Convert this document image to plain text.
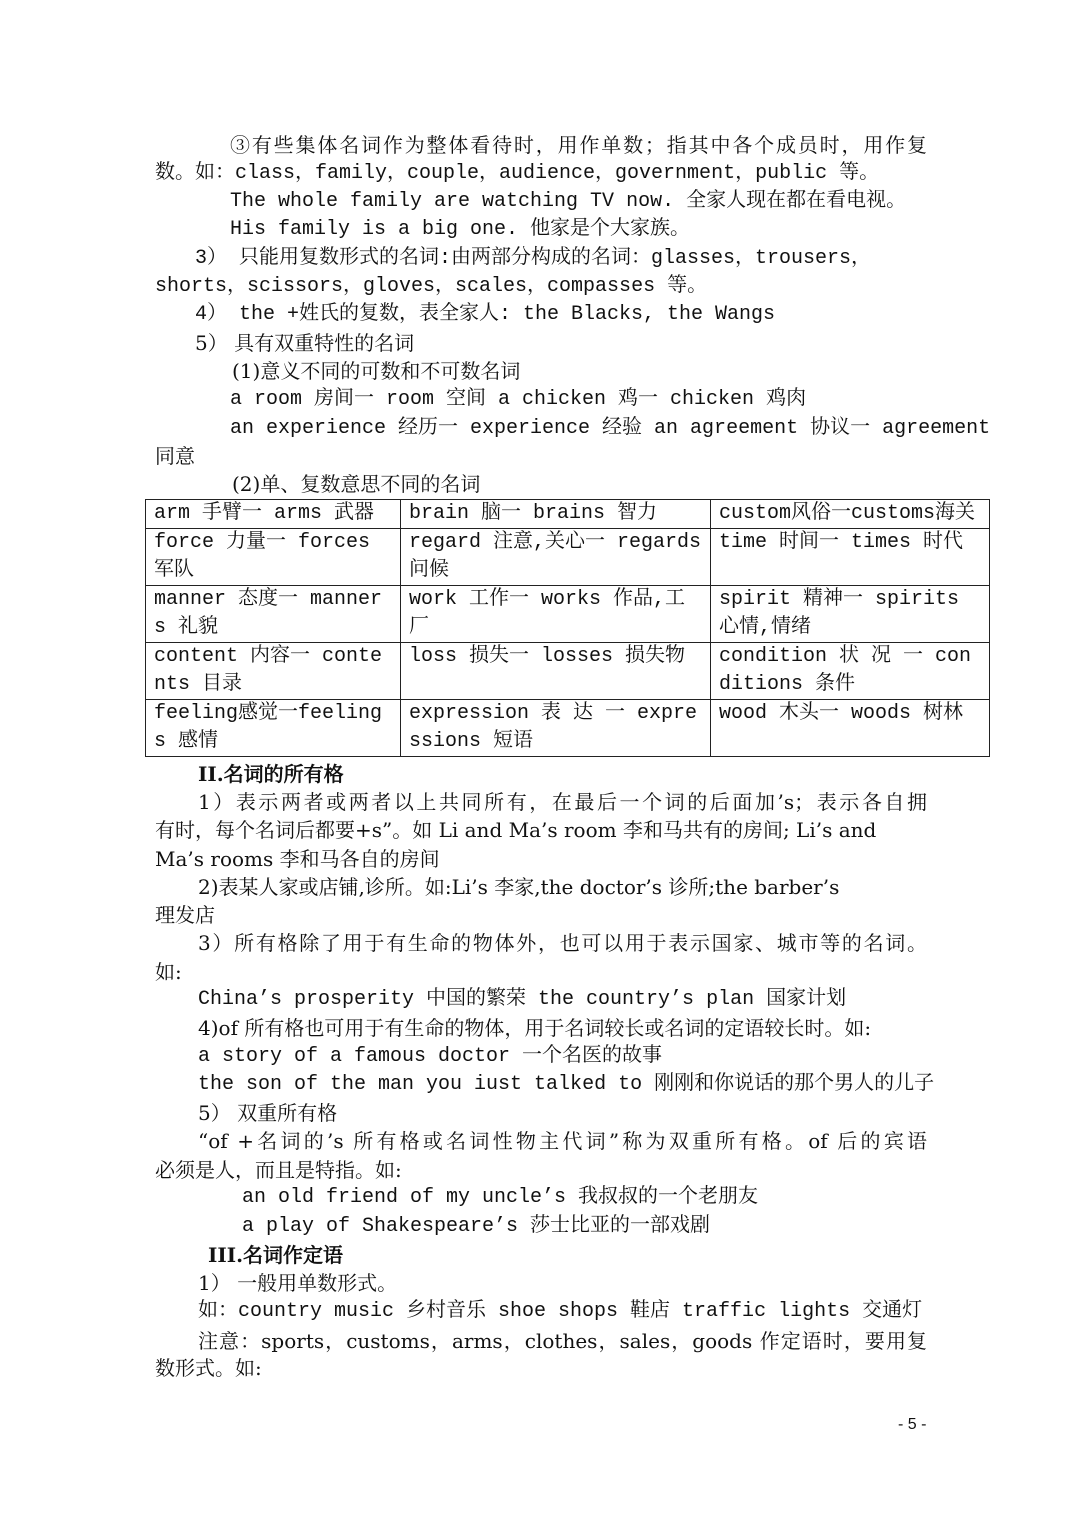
③有些集体名词作为整体看待时，用作单数；指其中各个成员时，用作复
数。如：class，family，couple，audience，government，public 等。
The whole family are watching TV now. 全家人现在都在看电视。
His family is a big one. 他家是个大家族。
3） 只能用复数形式的名词:由两部分构成的名词：glasses，trousers，
shorts，scissors，gloves，scales，compasses 等。
4） the +姓氏的复数，表全家人: the Blacks, the Wangs
5） 具有双重特性的名词
(1)意义不同的可数和不可数名词
a room 房间一 room 空间 a chicken 鸡一 chicken 鸡肉
an experience 经历一 experience 经验 an agreement 协议一 agreement
同意
(2)单、复数意思不同的名词
arm 手臂一 arms 武器	brain 脑一 brains 智力	custom风俗一customs海关
force 力量一 forces 军队	regard 注意,关心一 regards 问候	time 时间一 times 时代
manner 态度一 manners 礼貌	work 工作一 works 作品,工厂	spirit 精神一 spirits 心情,情绪
content 内容一 contents 目录	loss 损失一 losses 损失物	condition 状 况 一 conditions 条件
feeling感觉一feelings 感情	expression 表 达 一 expressions 短语	wood 木头一 woods 树林
II.名词的所有格
1）表示两者或两者以上共同所有，在最后一个词的后面加’s；表示各自拥
有时，每个名词后都要+s”。如 Li and Ma’s room 李和马共有的房间; Li’s and
Ma’s rooms 李和马各自的房间
2)表某人家或店铺,诊所。如:Li’s 李家,the doctor’s 诊所;the barber’s
理发店
3）所有格除了用于有生命的物体外，也可以用于表示国家、城市等的名词。
如:
China’s prosperity 中国的繁荣 the country’s plan 国家计划
4)of 所有格也可用于有生命的物体，用于名词较长或名词的定语较长时。如:
a story of a famous doctor 一个名医的故事
the son of the man you iust talked to 刚刚和你说话的那个男人的儿子
5） 双重所有格
“of +名词的’s 所有格或名词性物主代词”称为双重所有格。of 后的宾语
必须是人，而且是特指。如:
an old friend of my uncle’s 我叔叔的一个老朋友
a play of Shakespeare’s 莎士比亚的一部戏剧
III.名词作定语
1） 一般用单数形式。
如：country music 乡村音乐 shoe shops 鞋店 traffic lights 交通灯
注意：sports，customs，arms，clothes，sales，goods 作定语时，要用复
数形式。如:
- 5 -
